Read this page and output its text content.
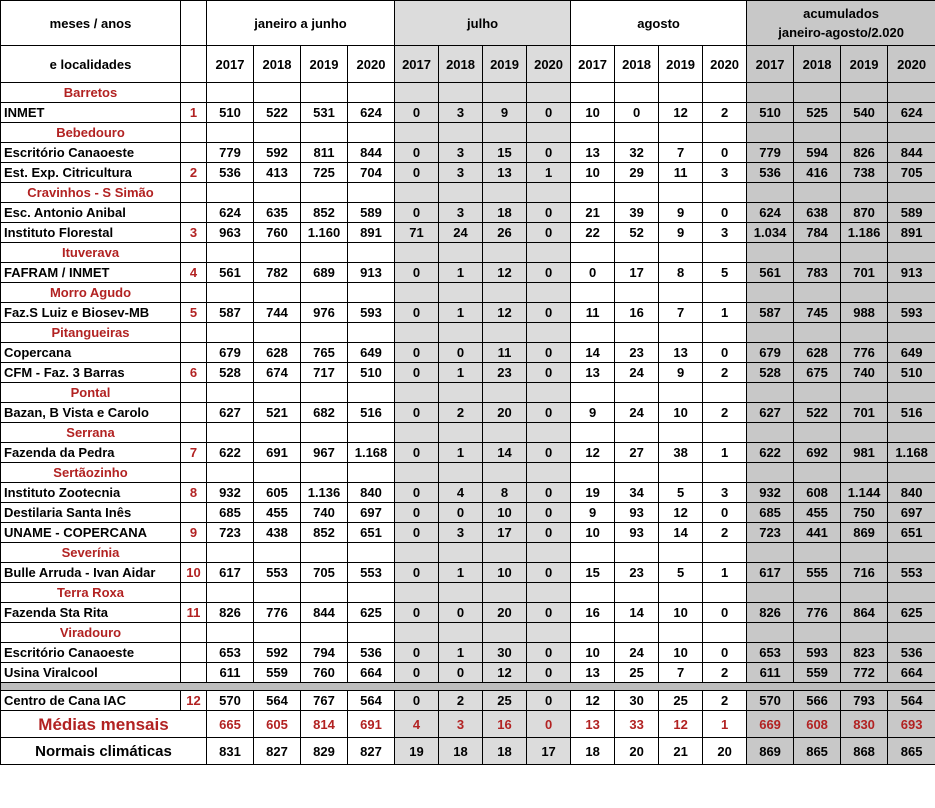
meses / anos		janeiro a junho				julho				agosto				acumulados
janeiro-agosto/2.020			

e localidades		2017	2018	2019	2020	2017	2018	2019	2020	2017	2018	2019	2020	2017	2018	2019	2020
Barretos																	
INMET	1	510	522	531	624	0	3	9	0	10	0	12	2	510	525	540	624
Bebedouro																	
Escritório Canaoeste		779	592	811	844	0	3	15	0	13	32	7	0	779	594	826	844
Est. Exp. Citricultura	2	536	413	725	704	0	3	13	1	10	29	11	3	536	416	738	705
Cravinhos - S Simão																	
Esc. Antonio Anibal		624	635	852	589	0	3	18	0	21	39	9	0	624	638	870	589
Instituto Florestal	3	963	760	1.160	891	71	24	26	0	22	52	9	3	1.034	784	1.186	891
Ituverava																	
FAFRAM / INMET	4	561	782	689	913	0	1	12	0	0	17	8	5	561	783	701	913
Morro Agudo																	
Faz.S Luiz e Biosev-MB	5	587	744	976	593	0	1	12	0	11	16	7	1	587	745	988	593
Pitangueiras																	
Copercana		679	628	765	649	0	0	11	0	14	23	13	0	679	628	776	649
CFM - Faz. 3 Barras	6	528	674	717	510	0	1	23	0	13	24	9	2	528	675	740	510
Pontal																	
Bazan, B Vista e Carolo		627	521	682	516	0	2	20	0	9	24	10	2	627	522	701	516
Serrana																	
Fazenda da Pedra	7	622	691	967	1.168	0	1	14	0	12	27	38	1	622	692	981	1.168
Sertãozinho																	
Instituto Zootecnia	8	932	605	1.136	840	0	4	8	0	19	34	5	3	932	608	1.144	840
Destilaria Santa Inês		685	455	740	697	0	0	10	0	9	93	12	0	685	455	750	697
UNAME - COPERCANA	9	723	438	852	651	0	3	17	0	10	93	14	2	723	441	869	651
Severínia																	
Bulle Arruda - Ivan Aidar	10	617	553	705	553	0	1	10	0	15	23	5	1	617	555	716	553
Terra Roxa																	
Fazenda Sta Rita	11	826	776	844	625	0	0	20	0	16	14	10	0	826	776	864	625
Viradouro																	
Escritório Canaoeste		653	592	794	536	0	1	30	0	10	24	10	0	653	593	823	536
Usina Viralcool		611	559	760	664	0	0	12	0	13	25	7	2	611	559	772	664

Centro de Cana IAC	12	570	564	767	564	0	2	25	0	12	30	25	2	570	566	793	564
Médias mensais		665	605	814	691	4	3	16	0	13	33	12	1	669	608	830	693
Normais climáticas		831	827	829	827	19	18	18	17	18	20	21	20	869	865	868	865
